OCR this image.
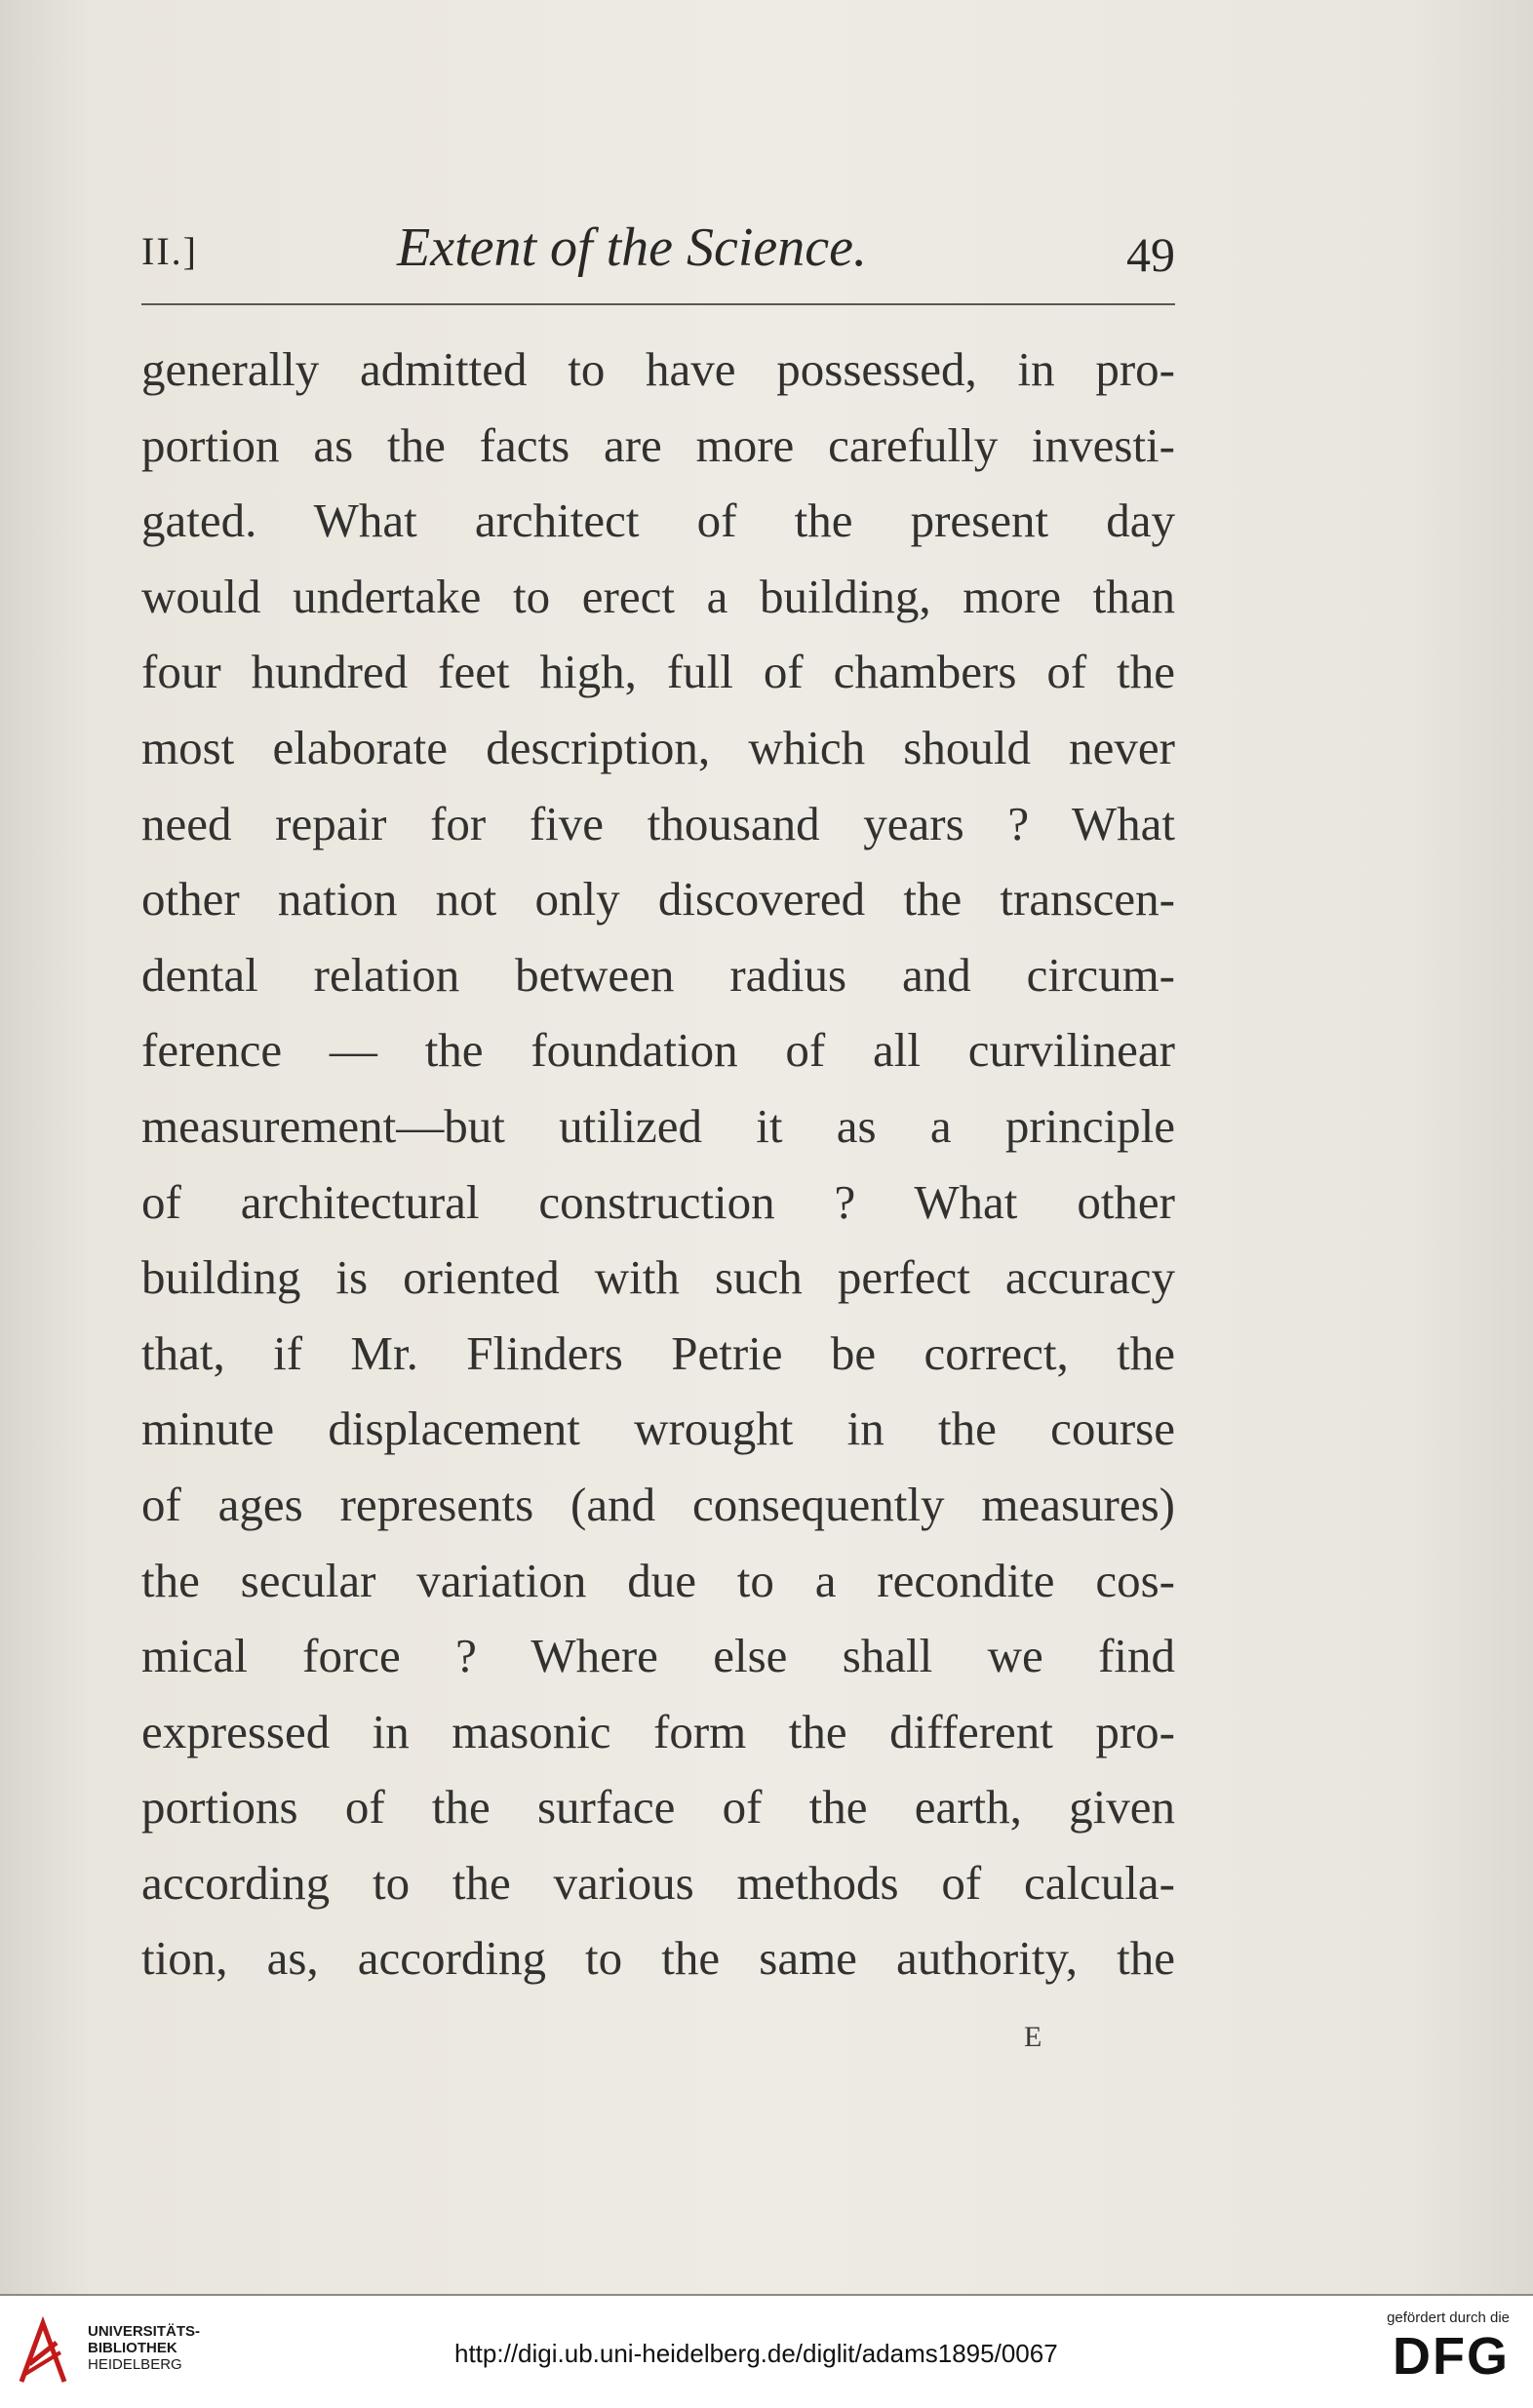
II.]	Extent of the Science.	49
generally admitted to have possessed, in pro-
portion as the facts are more carefully investi-
gated. What architect of the present day
would undertake to erect a building, more than
four hundred feet high, full of chambers of the
most elaborate description, which should never
need repair for five thousand years ? What
other nation not only discovered the transcen-
dental relation between radius and circum-
ference — the foundation of all curvilinear
measurement—but utilized it as a principle
of architectural construction ? What other
building is oriented with such perfect accuracy
that, if Mr. Flinders Petrie be correct, the
minute displacement wrought in the course
of ages represents (and consequently measures)
the secular variation due to a recondite cos-
mical force ? Where else shall we find
expressed in masonic form the different pro-
portions of the surface of the earth, given
according to the various methods of calcula-
tion, as, according to the same authority, the
E
UNIVERSITÄTS-
BIBLIOTHEK
HEIDELBERG	http://digi.ub.uni-heidelberg.de/diglit/adams1895/0067
gefördert durch die
DFG
